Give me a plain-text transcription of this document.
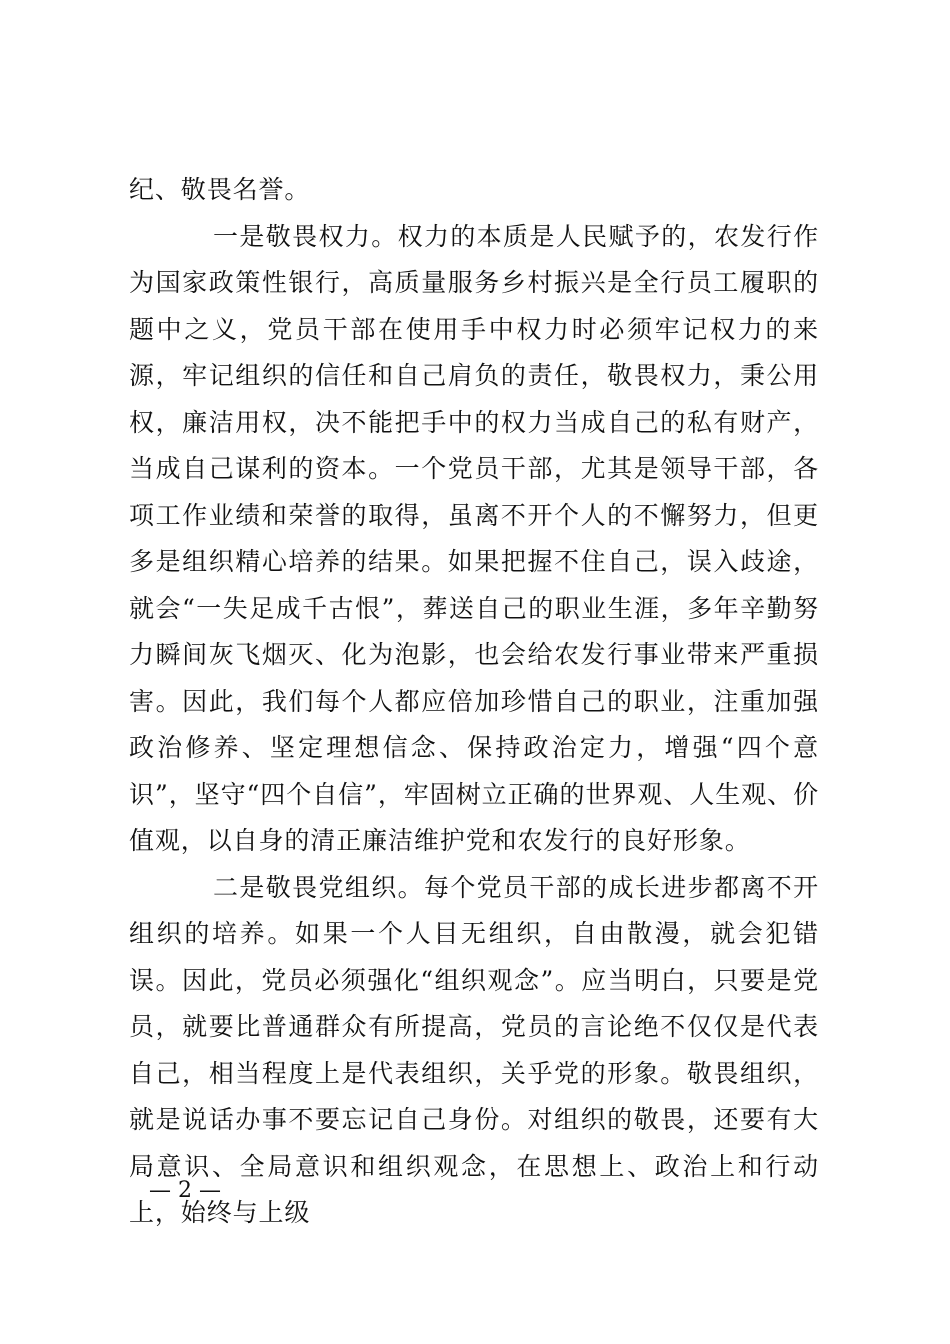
纪、敬畏名誉。

一是敬畏权力。权力的本质是人民赋予的，农发行作为国家政策性银行，高质量服务乡村振兴是全行员工履职的题中之义，党员干部在使用手中权力时必须牢记权力的来源，牢记组织的信任和自己肩负的责任，敬畏权力，秉公用权，廉洁用权，决不能把手中的权力当成自己的私有财产，当成自己谋利的资本。一个党员干部，尤其是领导干部，各项工作业绩和荣誉的取得，虽离不开个人的不懈努力，但更多是组织精心培养的结果。如果把握不住自己，误入歧途，就会“一失足成千古恨”，葬送自己的职业生涯，多年辛勤努力瞬间灰飞烟灭、化为泡影，也会给农发行事业带来严重损害。因此，我们每个人都应倍加珍惜自己的职业，注重加强政治修养、坚定理想信念、保持政治定力，增强“四个意识”，坚守“四个自信”，牢固树立正确的世界观、人生观、价值观，以自身的清正廉洁维护党和农发行的良好形象。

二是敬畏党组织。每个党员干部的成长进步都离不开组织的培养。如果一个人目无组织，自由散漫，就会犯错误。因此，党员必须强化“组织观念”。应当明白，只要是党员，就要比普通群众有所提高，党员的言论绝不仅仅是代表自己，相当程度上是代表组织，关乎党的形象。敬畏组织，就是说话办事不要忘记自己身份。对组织的敬畏，还要有大局意识、全局意识和组织观念，在思想上、政治上和行动上，始终与上级

— 2 —
